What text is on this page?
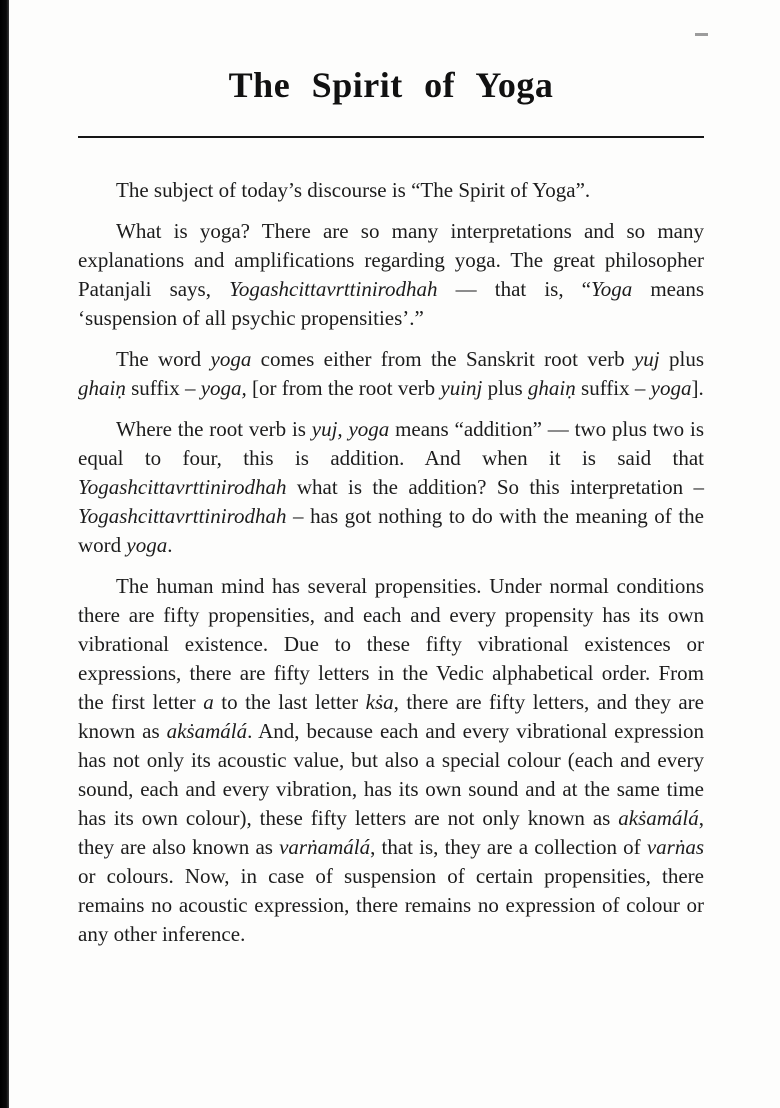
The Spirit of Yoga

The subject of today’s discourse is “The Spirit of Yoga”.

What is yoga? There are so many interpretations and so many explanations and amplifications regarding yoga. The great philosopher Patanjali says, Yogashcittavrttinirodhah — that is, “Yoga means ‘suspension of all psychic propensities’.”

The word yoga comes either from the Sanskrit root verb yuj plus ghaiṇ suffix – yoga, [or from the root verb yuinj plus ghaiṇ suffix – yoga].

Where the root verb is yuj, yoga means “addition” — two plus two is equal to four, this is addition. And when it is said that Yogashcittavrttinirodhah what is the addition? So this interpretation –Yogashcittavrttinirodhah – has got nothing to do with the meaning of the word yoga.

The human mind has several propensities. Under normal conditions there are fifty propensities, and each and every propensity has its own vibrational existence. Due to these fifty vibrational existences or expressions, there are fifty letters in the Vedic alphabetical order. From the first letter a to the last letter kṡa, there are fifty letters, and they are known as akṡamálá. And, because each and every vibrational expression has not only its acoustic value, but also a special colour (each and every sound, each and every vibration, has its own sound and at the same time has its own colour), these fifty letters are not only known as akṡamálá, they are also known as varṅamálá, that is, they are a collection of varṅas or colours. Now, in case of suspension of certain propensities, there remains no acoustic expression, there remains no expression of colour or any other inference.
